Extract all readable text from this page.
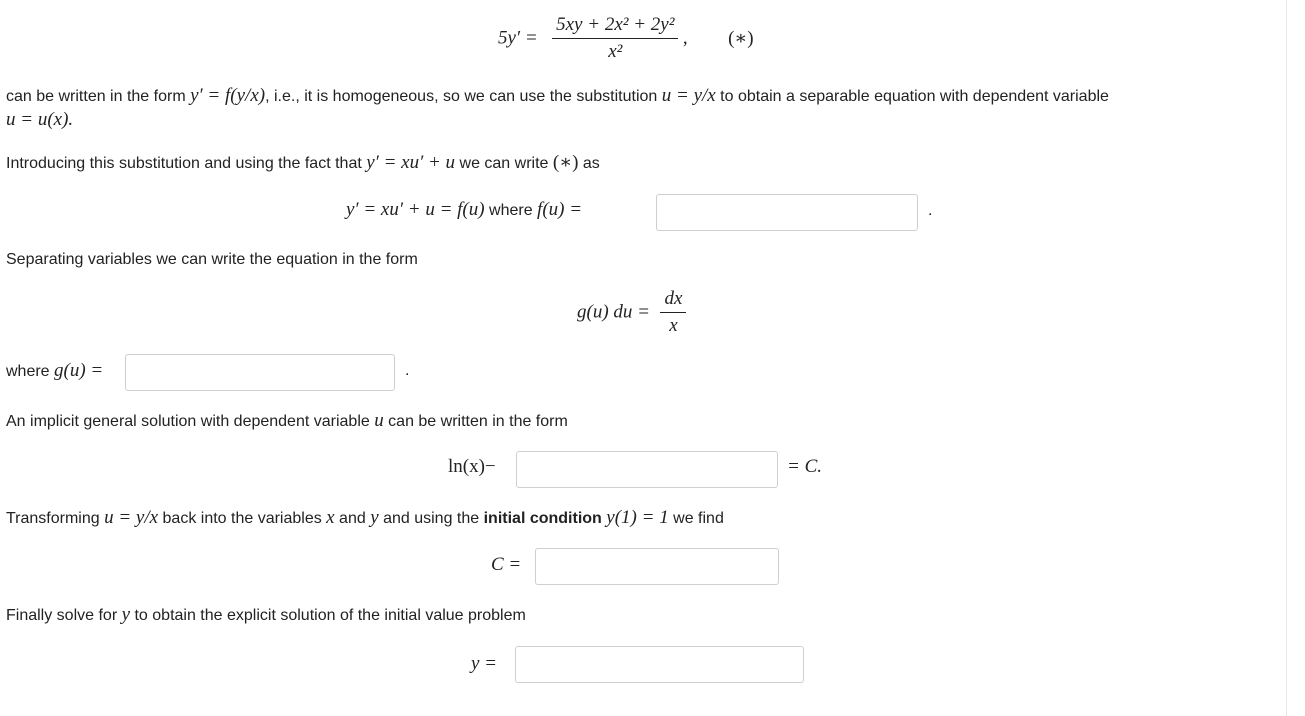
$5y' = \frac{\text{5xy + 2x² + 2y²}}{\text{x²}}$ , (∗)
can be written in the form y′ = f(y/x), i.e., it is homogeneous, so we can use the substitution u = y/x to obtain a separable equation with dependent variable
u = u(x).
Introducing this substitution and using the fact that y′ = xu′ + u we can write (∗) as
y′ = xu′ + u = f(u) where f(u) =	.
Separating variables we can write the equation in the form
g(u) du = $\frac{dx}{x}$
where g(u) =	.
An implicit general solution with dependent variable u can be written in the form
ln(x)−	= C.
Transforming u = y/x back into the variables x and y and using the initial condition y(1) = 1 we find
C =
Finally solve for y to obtain the explicit solution of the initial value problem
y =
